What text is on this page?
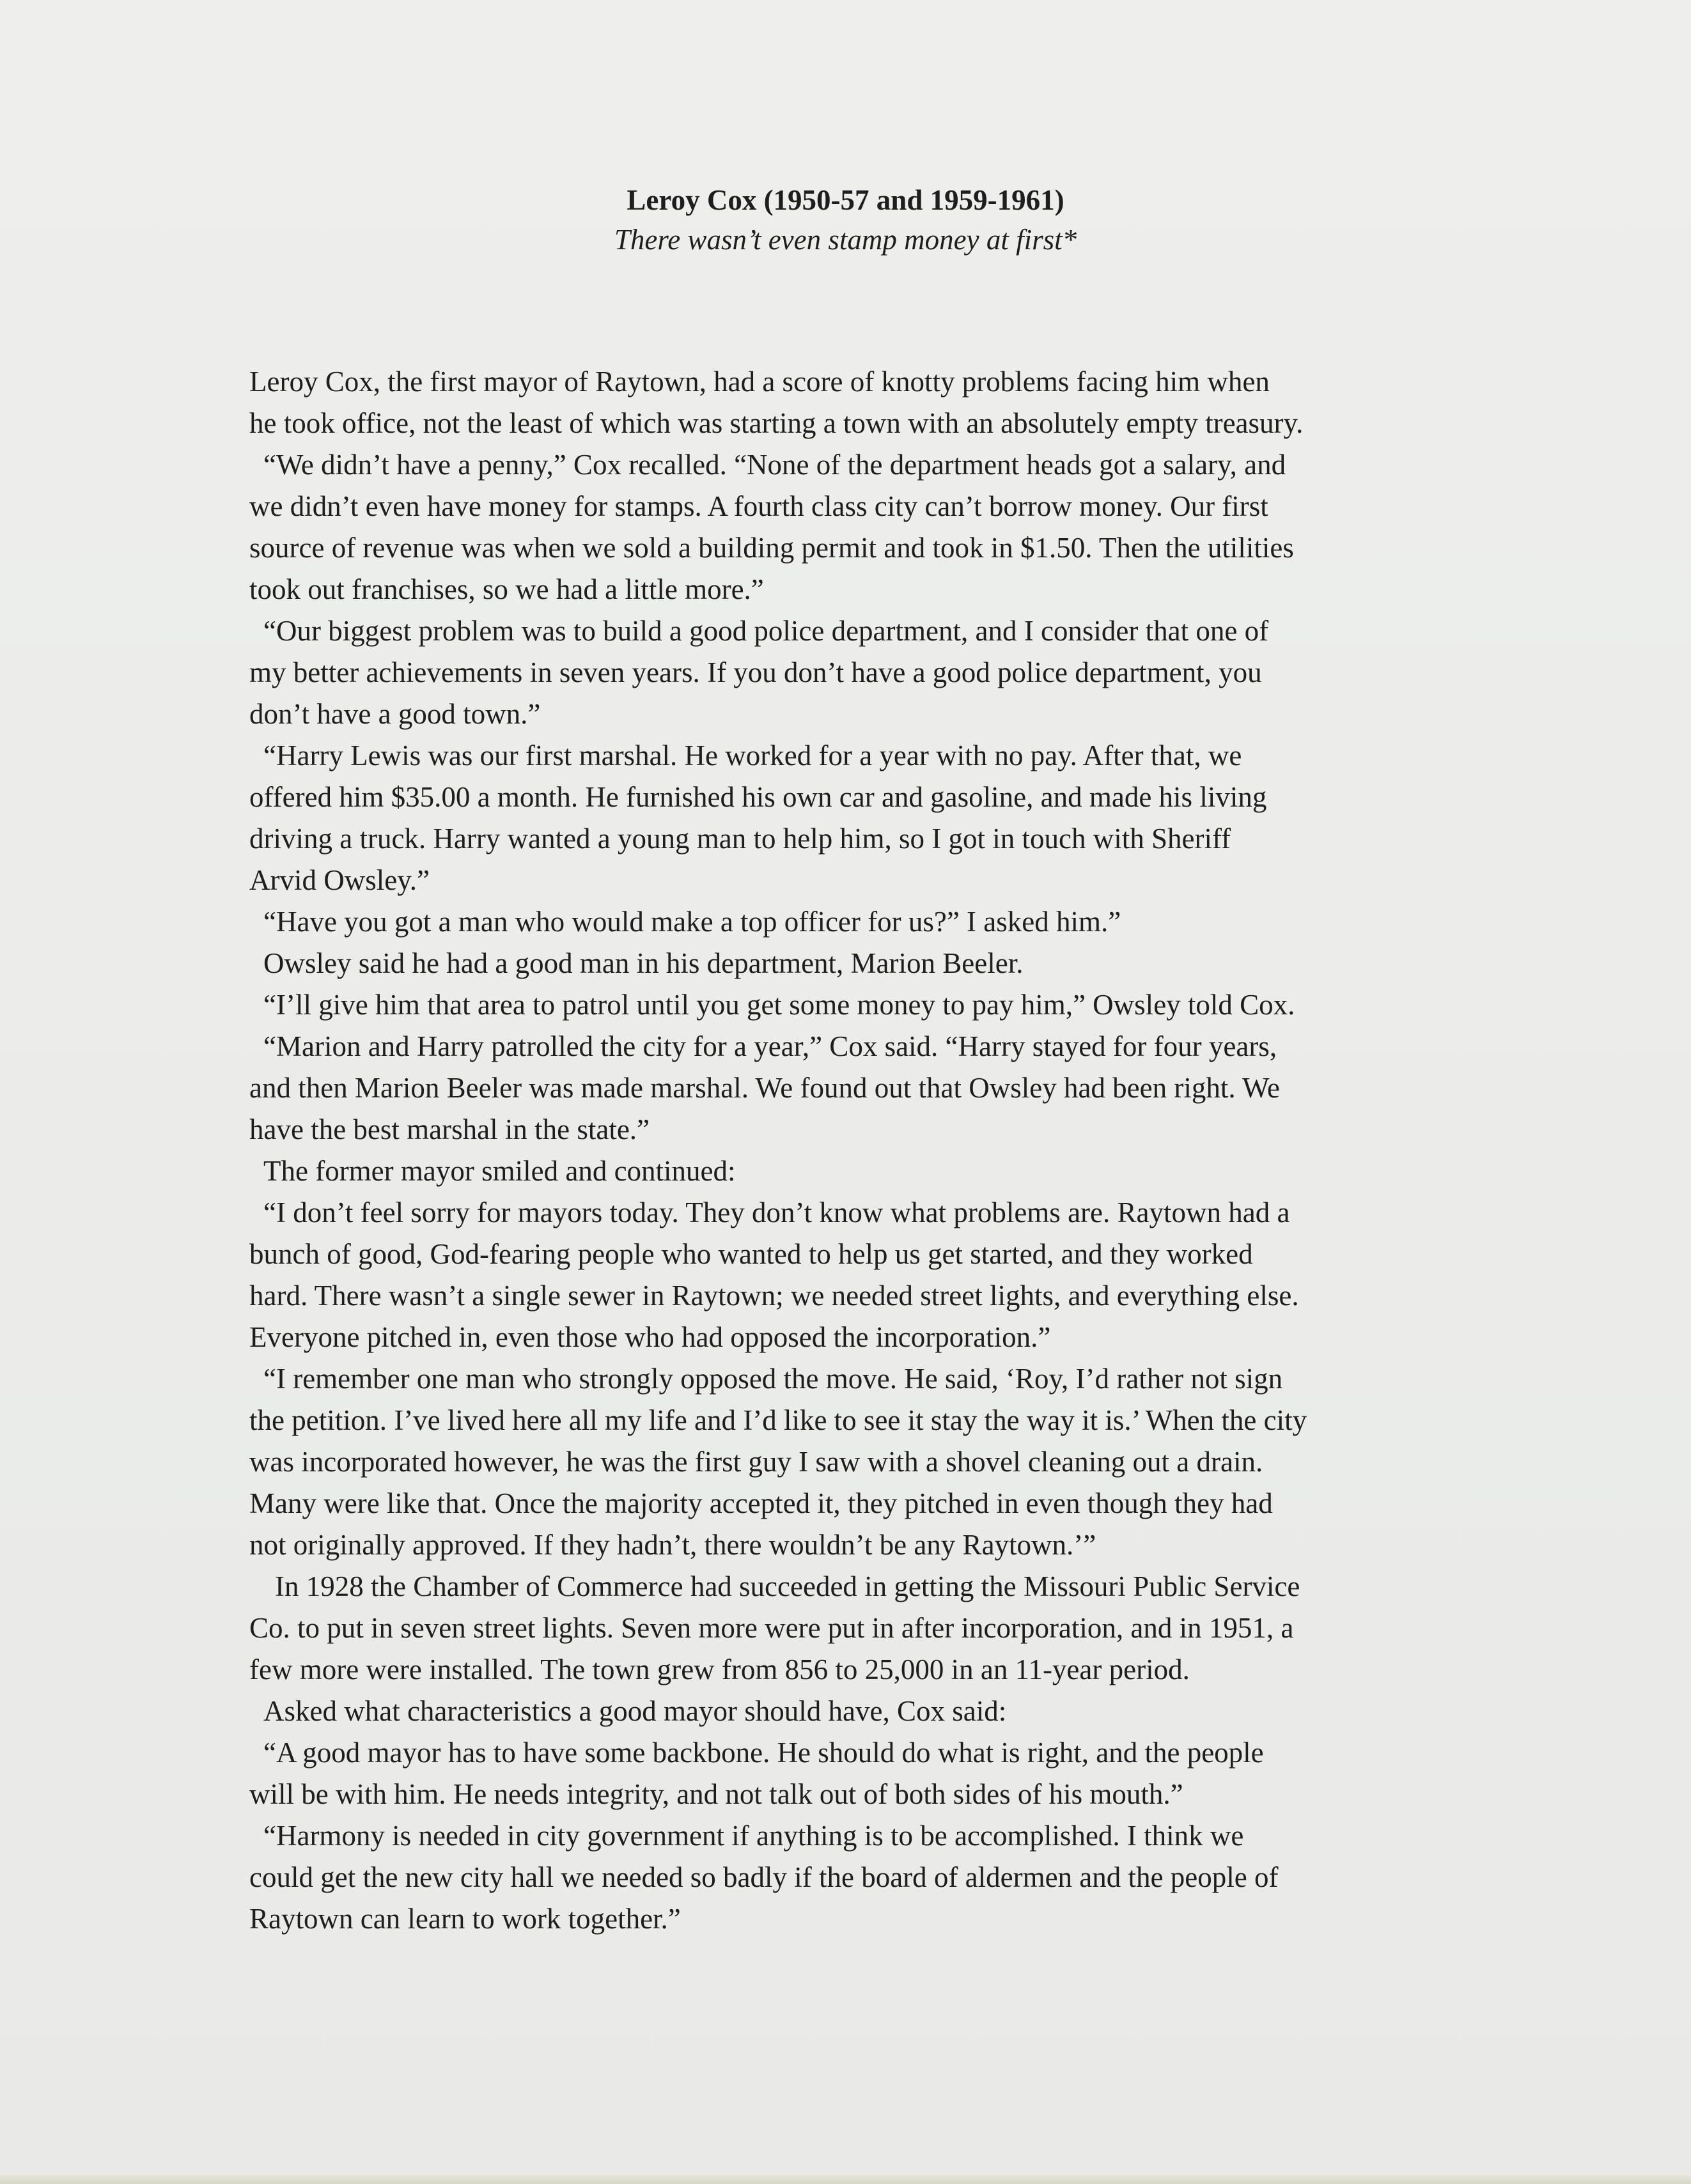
Leroy Cox (1950-57 and 1959-1961)

There wasn’t even stamp money at first*

Leroy Cox, the first mayor of Raytown, had a score of knotty problems facing him when
he took office, not the least of which was starting a town with an absolutely empty treasury.
“We didn’t have a penny,” Cox recalled. “None of the department heads got a salary, and
we didn’t even have money for stamps. A fourth class city can’t borrow money. Our first
source of revenue was when we sold a building permit and took in $1.50. Then the utilities
took out franchises, so we had a little more.”
“Our biggest problem was to build a good police department, and I consider that one of
my better achievements in seven years. If you don’t have a good police department, you
don’t have a good town.”
“Harry Lewis was our first marshal. He worked for a year with no pay. After that, we
offered him $35.00 a month. He furnished his own car and gasoline, and made his living
driving a truck. Harry wanted a young man to help him, so I got in touch with Sheriff
Arvid Owsley.”
“Have you got a man who would make a top officer for us?” I asked him.”
Owsley said he had a good man in his department, Marion Beeler.
“I’ll give him that area to patrol until you get some money to pay him,” Owsley told Cox.
“Marion and Harry patrolled the city for a year,” Cox said. “Harry stayed for four years,
and then Marion Beeler was made marshal. We found out that Owsley had been right. We
have the best marshal in the state.”
The former mayor smiled and continued:
“I don’t feel sorry for mayors today. They don’t know what problems are. Raytown had a
bunch of good, God-fearing people who wanted to help us get started, and they worked
hard. There wasn’t a single sewer in Raytown; we needed street lights, and everything else.
Everyone pitched in, even those who had opposed the incorporation.”
“I remember one man who strongly opposed the move. He said, ‘Roy, I’d rather not sign
the petition. I’ve lived here all my life and I’d like to see it stay the way it is.’ When the city
was incorporated however, he was the first guy I saw with a shovel cleaning out a drain.
Many were like that. Once the majority accepted it, they pitched in even though they had
not originally approved. If they hadn’t, there wouldn’t be any Raytown.’”
In 1928 the Chamber of Commerce had succeeded in getting the Missouri Public Service
Co. to put in seven street lights. Seven more were put in after incorporation, and in 1951, a
few more were installed. The town grew from 856 to 25,000 in an 11-year period.
Asked what characteristics a good mayor should have, Cox said:
“A good mayor has to have some backbone. He should do what is right, and the people
will be with him. He needs integrity, and not talk out of both sides of his mouth.”
“Harmony is needed in city government if anything is to be accomplished. I think we
could get the new city hall we needed so badly if the board of aldermen and the people of
Raytown can learn to work together.”
